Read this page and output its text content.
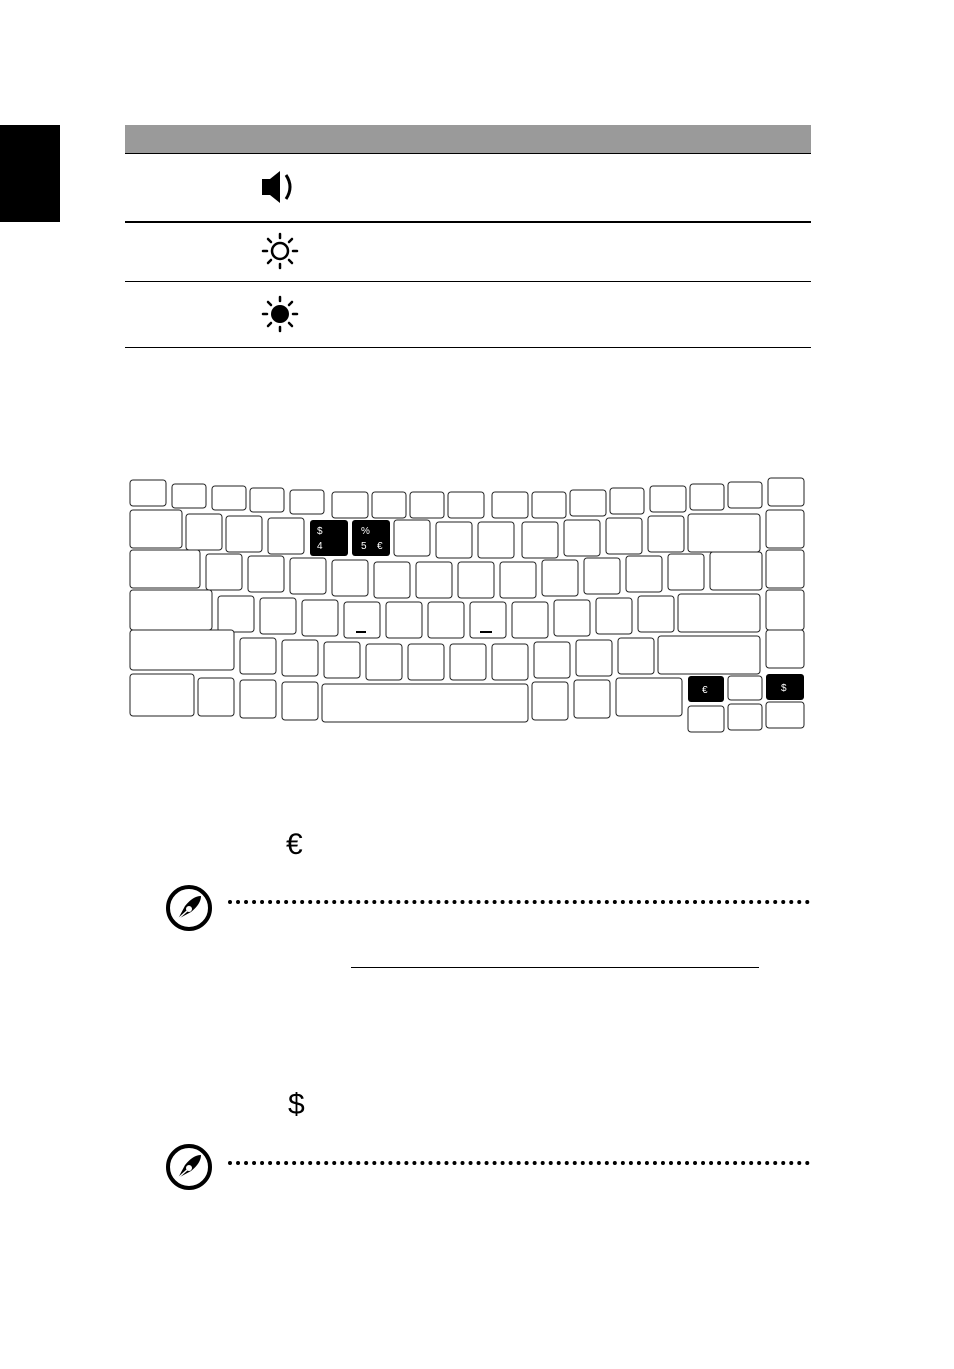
$
4
%
5 €
€	$
€
$
